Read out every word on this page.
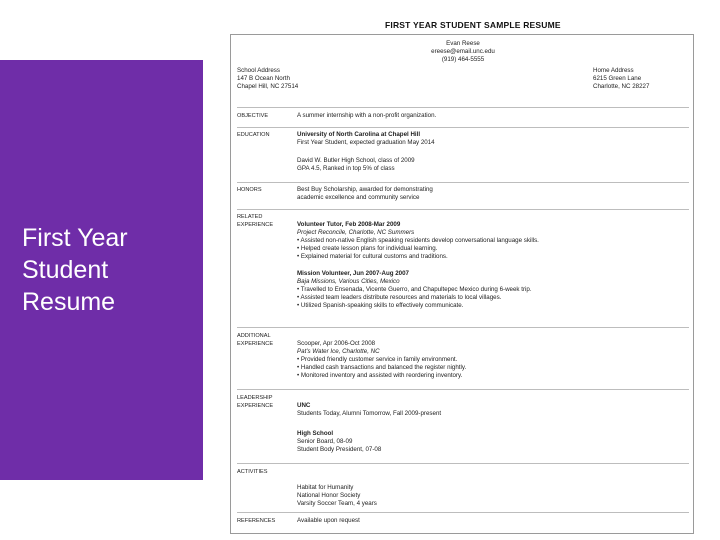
First Year
Student
Resume
FIRST YEAR STUDENT SAMPLE RESUME
Evan Reese
ereese@email.unc.edu
(919) 464-5555
School Address
147 B Ocean North
Chapel Hill, NC 27514
Home Address
6215 Green Lane
Charlotte, NC 28227
OBJECTIVE	A summer internship with a non-profit organization.
EDUCATION	University of North Carolina at Chapel Hill
First Year Student, expected graduation May 2014
David W. Butler High School, class of 2009
GPA 4.5, Ranked in top 5% of class
HONORS	Best Buy Scholarship, awarded for demonstrating
academic excellence and community service
RELATED
EXPERIENCE	Volunteer Tutor, Feb 2008-Mar 2009
Project Reconcile, Charlotte, NC Summers
• Assisted non-native English speaking residents develop conversational language skills.
• Helped create lesson plans for individual learning.
• Explained material for cultural customs and traditions.
Mission Volunteer, Jun 2007-Aug 2007
Baja Missions, Various Cities, Mexico
• Travelled to Ensenada, Vicente Guerro, and Chapultepec Mexico during 6-week trip.
• Assisted team leaders distribute resources and materials to local villages.
• Utilized Spanish-speaking skills to effectively communicate.
ADDITIONAL
EXPERIENCE	Scooper, Apr 2006-Oct 2008
Pat's Water Ice, Charlotte, NC
• Provided friendly customer service in family environment.
• Handled cash transactions and balanced the register nightly.
• Monitored inventory and assisted with reordering inventory.
LEADERSHIP
EXPERIENCE	UNC
Students Today, Alumni Tomorrow, Fall 2009-present
High School
Senior Board, 08-09
Student Body President, 07-08
ACTIVITIES
Habitat for Humanity
National Honor Society
Varsity Soccer Team, 4 years
REFERENCES	Available upon request
